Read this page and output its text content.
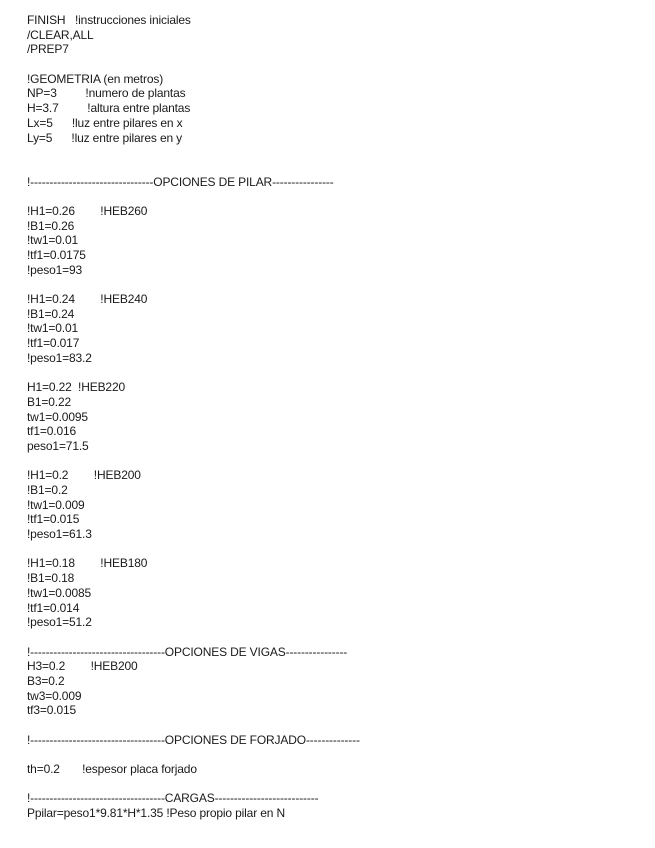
FINISH   !instrucciones iniciales
/CLEAR,ALL
/PREP7
!GEOMETRIA (en metros)
NP=3         !numero de plantas
H=3.7         !altura entre plantas
Lx=5      !luz entre pilares en x
Ly=5      !luz entre pilares en y
!--------------------------------OPCIONES DE PILAR----------------
!H1=0.26        !HEB260
!B1=0.26
!tw1=0.01
!tf1=0.0175
!peso1=93
!H1=0.24        !HEB240
!B1=0.24
!tw1=0.01
!tf1=0.017
!peso1=83.2
H1=0.22  !HEB220
B1=0.22
tw1=0.0095
tf1=0.016
peso1=71.5
!H1=0.2        !HEB200
!B1=0.2
!tw1=0.009
!tf1=0.015
!peso1=61.3
!H1=0.18        !HEB180
!B1=0.18
!tw1=0.0085
!tf1=0.014
!peso1=51.2
!-----------------------------------OPCIONES DE VIGAS----------------
H3=0.2        !HEB200
B3=0.2
tw3=0.009
tf3=0.015
!-----------------------------------OPCIONES DE FORJADO--------------
th=0.2       !espesor placa forjado
!-----------------------------------CARGAS---------------------------
Ppilar=peso1*9.81*H*1.35 !Peso propio pilar en N
